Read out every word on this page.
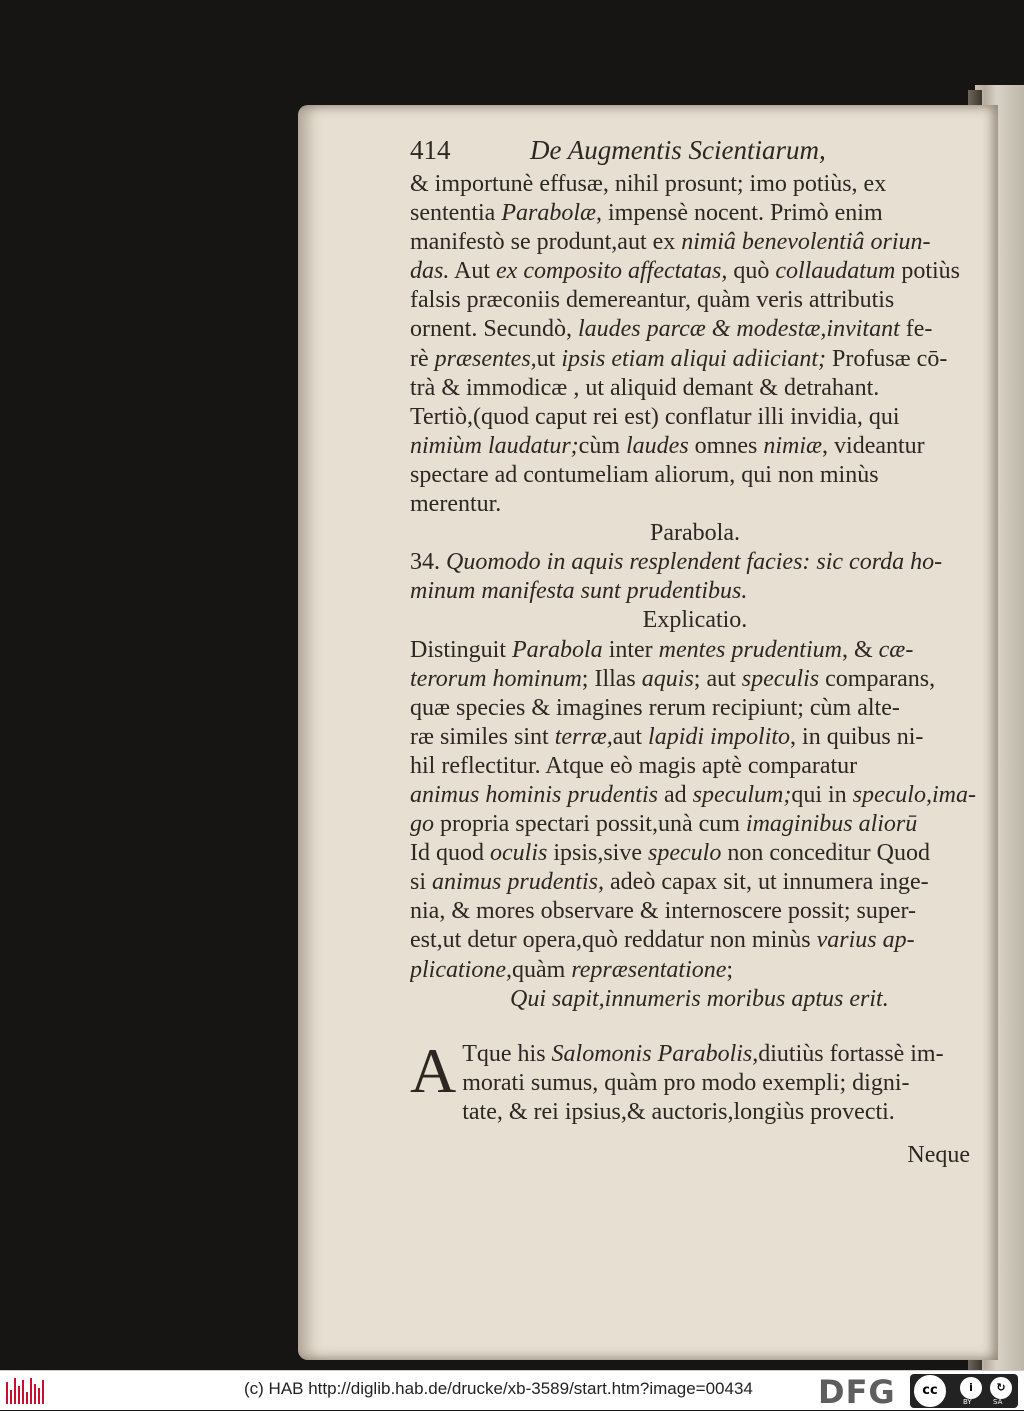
414	De Augmentis Scientiarum,
& importunè effusæ, nihil prosunt; imo potiùs, ex
sententia Parabolæ, impensè nocent. Primò enim
manifestò se produnt,aut ex nimiâ benevolentiâ oriun-
das. Aut ex composito affectatas, quò collaudatum potiùs
falsis præconiis demereantur, quàm veris attributis
ornent. Secundò, laudes parcæ & modestæ,invitant fe-
rè præsentes,ut ipsis etiam aliqui adiiciant; Profusæ cō-
trà & immodicæ , ut aliquid demant & detrahant.
Tertiò,(quod caput rei est) conflatur illi invidia, qui
nimiùm laudatur;cùm laudes omnes nimiæ, videantur
spectare ad contumeliam aliorum, qui non minùs
merentur.
Parabola.
34. Quomodo in aquis resplendent facies: sic corda ho-
minum manifesta sunt prudentibus.
Explicatio.
Distinguit Parabola inter mentes prudentium, & cæ-
terorum hominum; Illas aquis; aut speculis comparans,
quæ species & imagines rerum recipiunt; cùm alte-
ræ similes sint terræ,aut lapidi impolito, in quibus ni-
hil reflectitur. Atque eò magis aptè comparatur
animus hominis prudentis ad speculum;qui in speculo,ima-
go propria spectari possit,unà cum imaginibus aliorū
Id quod oculis ipsis,sive speculo non conceditur Quod
si animus prudentis, adeò capax sit, ut innumera inge-
nia, & mores observare & internoscere possit; super-
est,ut detur opera,quò reddatur non minùs varius ap-
plicatione,quàm repræsentatione;
Qui sapit,innumeris moribus aptus erit.
A Tque his Salomonis Parabolis,diutiùs fortassè im-
morati sumus, quàm pro modo exempli; digni-
tate, & rei ipsius,& auctoris,longiùs provecti.
Neque
(c) HAB http://diglib.hab.de/drucke/xb-3589/start.htm?image=00434 DFG	cc	i	↻
BY	SA
